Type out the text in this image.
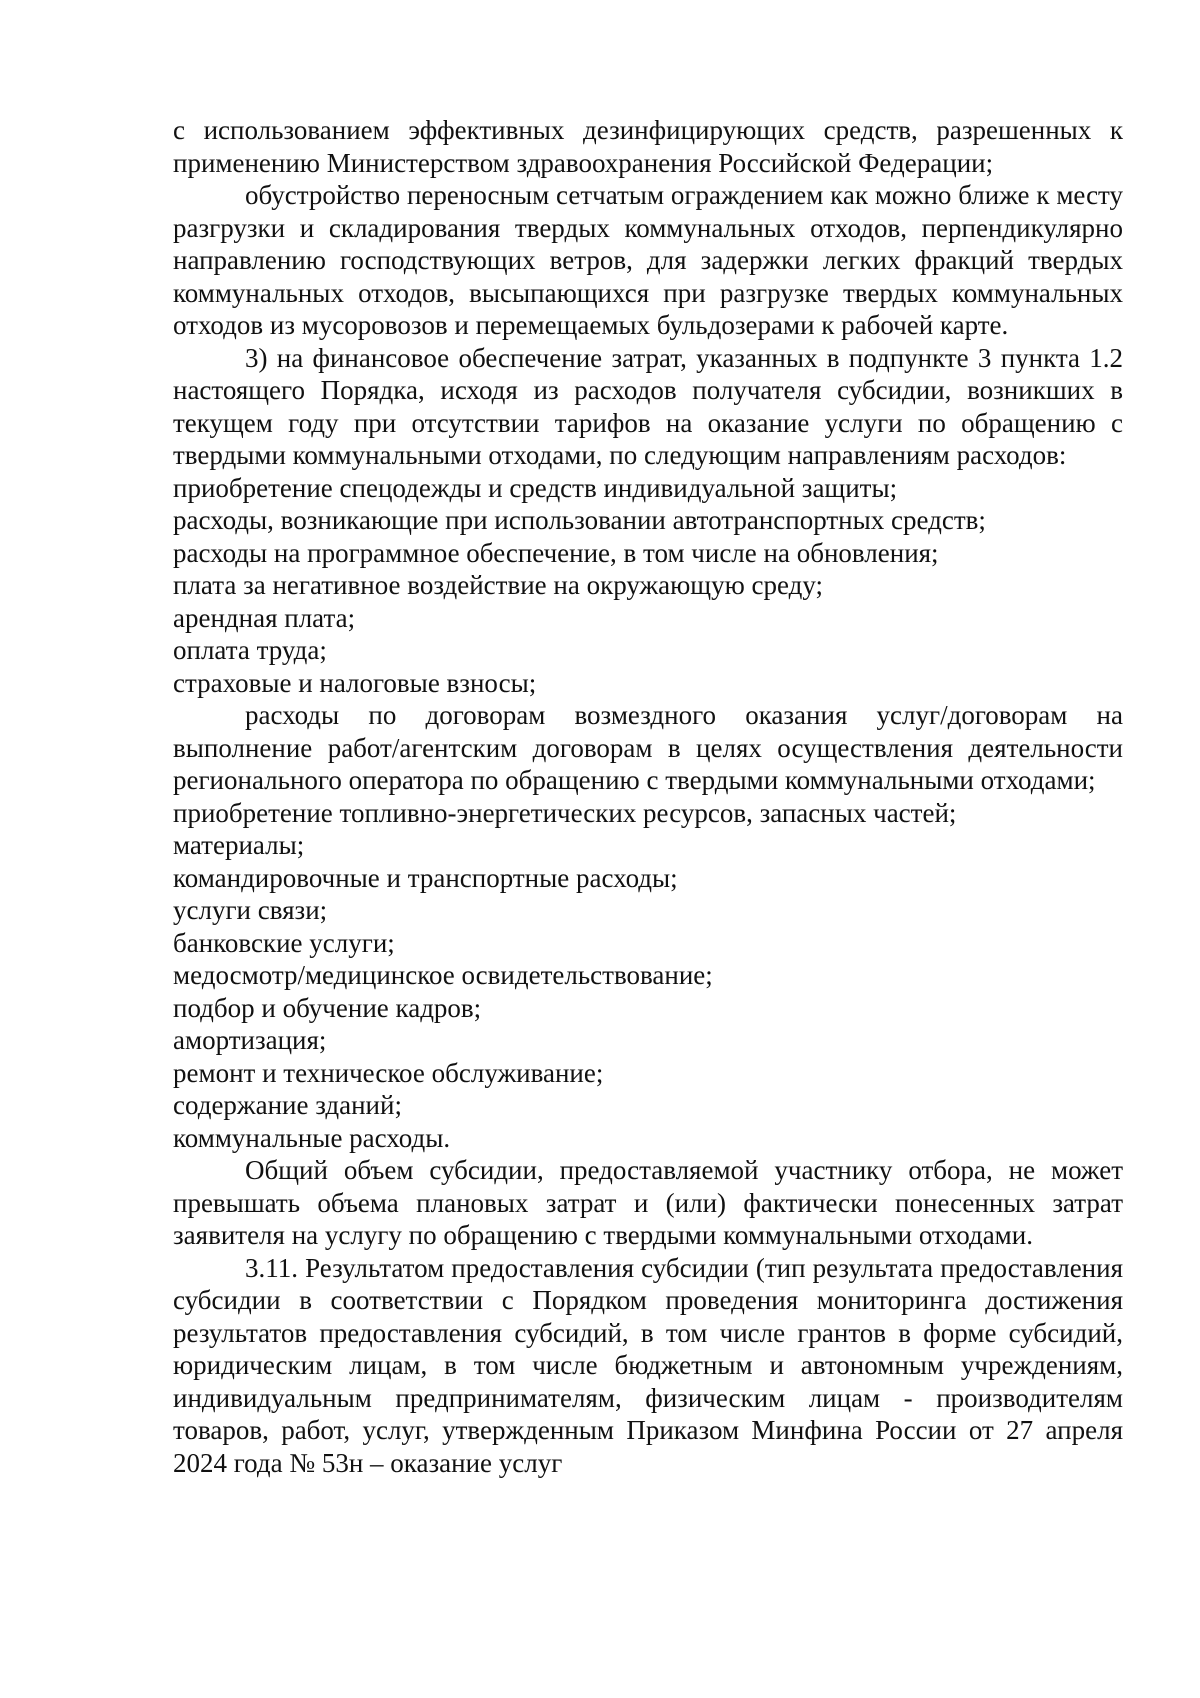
с использованием эффективных дезинфицирующих средств, разрешенных к применению Министерством здравоохранения Российской Федерации;

обустройство переносным сетчатым ограждением как можно ближе к месту разгрузки и складирования твердых коммунальных отходов, перпендикулярно направлению господствующих ветров, для задержки легких фракций твердых коммунальных отходов, высыпающихся при разгрузке твердых коммунальных отходов из мусоровозов и перемещаемых бульдозерами к рабочей карте.

3) на финансовое обеспечение затрат, указанных в подпункте 3 пункта 1.2 настоящего Порядка, исходя из расходов получателя субсидии, возникших в текущем году при отсутствии тарифов на оказание услуги по обращению с твердыми коммунальными отходами, по следующим направлениям расходов:

приобретение спецодежды и средств индивидуальной защиты;

расходы, возникающие при использовании автотранспортных средств;

расходы на программное обеспечение, в том числе на обновления;

плата за негативное воздействие на окружающую среду;

арендная плата;

оплата труда;

страховые и налоговые взносы;

расходы по договорам возмездного оказания услуг/договорам на выполнение работ/агентским договорам в целях осуществления деятельности регионального оператора по обращению с твердыми коммунальными отходами;

приобретение топливно-энергетических ресурсов, запасных частей;

материалы;

командировочные и транспортные расходы;

услуги связи;

банковские услуги;

медосмотр/медицинское освидетельствование;

подбор и обучение кадров;

амортизация;

ремонт и техническое обслуживание;

содержание зданий;

коммунальные расходы.

Общий объем субсидии, предоставляемой участнику отбора, не может превышать объема плановых затрат и (или) фактически понесенных затрат заявителя на услугу по обращению с твердыми коммунальными отходами.

3.11. Результатом предоставления субсидии (тип результата предоставления субсидии в соответствии с Порядком проведения мониторинга достижения результатов предоставления субсидий, в том числе грантов в форме субсидий, юридическим лицам, в том числе бюджетным и автономным учреждениям, индивидуальным предпринимателям, физическим лицам - производителям товаров, работ, услуг, утвержденным Приказом Минфина России от 27 апреля 2024 года № 53н – оказание услуг
